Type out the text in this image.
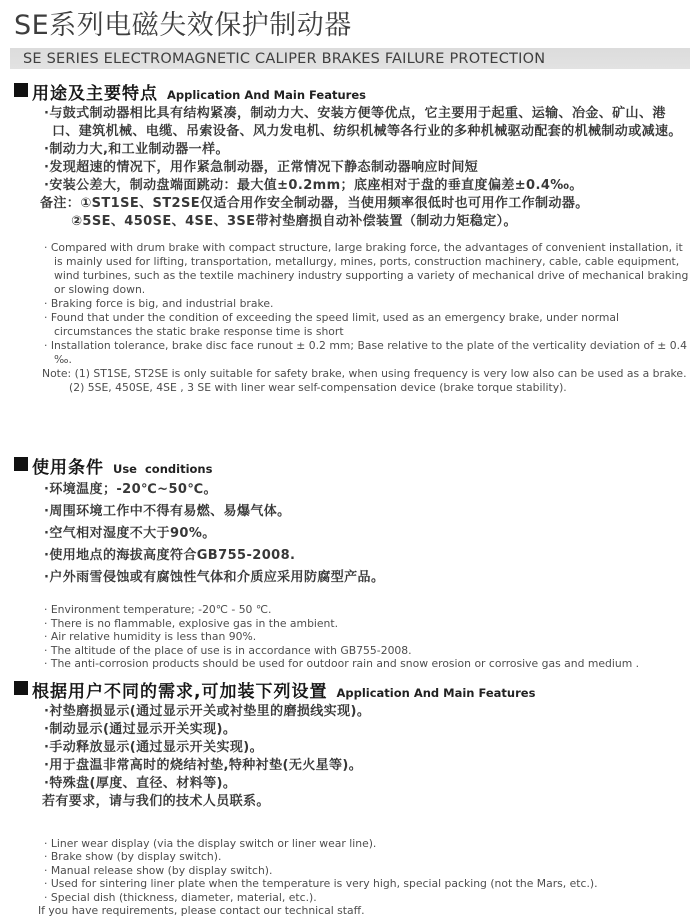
SE系列电磁失效保护制动器
SE SERIES ELECTROMAGNETIC CALIPER BRAKES FAILURE PROTECTION
用途及主要特点 Application And Main Features
·与鼓式制动器相比具有结构紧凑，制动力大、安装方便等优点，它主要用于起重、运输、冶金、矿山、港口、建筑机械、电缆、吊索设备、风力发电机、纺织机械等各行业的多种机械驱动配套的机械制动或减速。
·制动力大,和工业制动器一样。
·发现超速的情况下，用作紧急制动器，正常情况下静态制动器响应时间短
·安装公差大，制动盘端面跳动：最大值±0.2mm；底座相对于盘的垂直度偏差±0.4‰。
备注：①ST1SE、ST2SE仅适合用作安全制动器，当使用频率很低时也可用作工作制动器。
②5SE、450SE、4SE、3SE带衬垫磨损自动补偿装置（制动力矩稳定）。
· Compared with drum brake with compact structure, large braking force, the advantages of convenient installation, it is mainly used for lifting, transportation, metallurgy, mines, ports, construction machinery, cable, cable equipment, wind turbines, such as the textile machinery industry supporting a variety of mechanical drive of mechanical braking or slowing down.
· Braking force is big, and industrial brake.
· Found that under the condition of exceeding the speed limit, used as an emergency brake, under normal circumstances the static brake response time is short
· Installation tolerance, brake disc face runout ± 0.2 mm; Base relative to the plate of the verticality deviation of ± 0.4 ‰.
Note: (1) ST1SE, ST2SE is only suitable for safety brake, when using frequency is very low also can be used as a brake.
(2) 5SE, 450SE, 4SE , 3 SE with liner wear self-compensation device (brake torque stability).
使用条件 Use  conditions
·环境温度；-20℃~50℃。
·周围环境工作中不得有易燃、易爆气体。
·空气相对湿度不大于90%。
·使用地点的海拔高度符合GB755-2008.
·户外雨雪侵蚀或有腐蚀性气体和介质应采用防腐型产品。
· Environment temperature; -20℃ - 50 ℃.
· There is no flammable, explosive gas in the ambient.
· Air relative humidity is less than 90%.
· The altitude of the place of use is in accordance with GB755-2008.
· The anti-corrosion products should be used for outdoor rain and snow erosion or corrosive gas and medium .
根据用户不同的需求,可加装下列设置 Application And Main Features
·衬垫磨损显示(通过显示开关或衬垫里的磨损线实现)。
·制动显示(通过显示开关实现)。
·手动释放显示(通过显示开关实现)。
·用于盘温非常高时的烧结衬垫,特种衬垫(无火星等)。
·特殊盘(厚度、直径、材料等)。
若有要求，请与我们的技术人员联系。
· Liner wear display (via the display switch or liner wear line).
· Brake show (by display switch).
· Manual release show (by display switch).
· Used for sintering liner plate when the temperature is very high, special packing (not the Mars, etc.).
· Special dish (thickness, diameter, material, etc.).
If you have requirements, please contact our technical staff.
